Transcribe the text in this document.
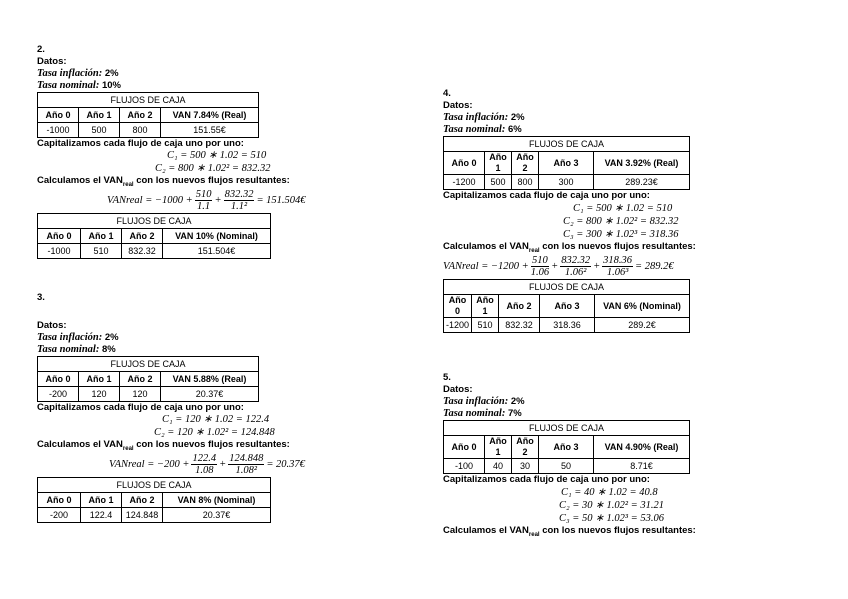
2.
Datos:
Tasa inflación: 2%
Tasa nominal: 10%
FLUJOS DE CAJA			
Año 0	Año 1	Año 2	VAN 7.84% (Real)
-1000	500	800	151.55€
Capitalizamos cada flujo de caja uno por uno:
C₁ = 500 ∗ 1.02 = 510
C₂ = 800 ∗ 1.02² = 832.32
Calculamos el $VAN_{real}$ con los nuevos flujos resultantes:
VANreal = $-1000 + \frac{510}{1.1} + \frac{832.32}{\text{1.1²}}$ = 151.504€
FLUJOS DE CAJA			
Año 0	Año 1	Año 2	VAN 10% (Nominal)
-1000	510	832.32	151.504€
3.
Datos:
Tasa inflación: 2%
Tasa nominal: 8%
FLUJOS DE CAJA			
Año 0	Año 1	Año 2	VAN 5.88% (Real)
-200	120	120	20.37€
Capitalizamos cada flujo de caja uno por uno:
C₁ = 120 ∗ 1.02 = 122.4
C₂ = 120 ∗ 1.02² = 124.848
Calculamos el $VAN_{real}$ con los nuevos flujos resultantes:
VANreal = $-200 + \frac{122.4}{1.08} + \frac{124.848}{\text{1.08²}}$ = 20.37€
FLUJOS DE CAJA			
Año 0	Año 1	Año 2	VAN 8% (Nominal)
-200	122.4	124.848	20.37€
4.
Datos:
Tasa inflación: 2%
Tasa nominal: 6%
FLUJOS DE CAJA				
Año 0	Año 1	Año 2	Año 3	VAN 3.92% (Real)
-1200	500	800	300	289.23€
Capitalizamos cada flujo de caja uno por uno:
C₁ = 500 ∗ 1.02 = 510
C₂ = 800 ∗ 1.02² = 832.32
C₃ = 300 ∗ 1.02³ = 318.36
Calculamos el $VAN_{real}$ con los nuevos flujos resultantes:
VANreal = $-1200 + \frac{510}{1.06} + \frac{832.32}{\text{1.06²}} + \frac{318.36}{\text{1.06³}}$ = 289.2€
FLUJOS DE CAJA				
Año 0	Año 1	Año 2	Año 3	VAN 6% (Nominal)
-1200	510	832.32	318.36	289.2€
5.
Datos:
Tasa inflación: 2%
Tasa nominal: 7%
FLUJOS DE CAJA				
Año 0	Año 1	Año 2	Año 3	VAN 4.90% (Real)
-100	40	30	50	8.71€
Capitalizamos cada flujo de caja uno por uno:
C₁ = 40 ∗ 1.02 = 40.8
C₂ = 30 ∗ 1.02² = 31.21
C₃ = 50 ∗ 1.02³ = 53.06
Calculamos el $VAN_{real}$ con los nuevos flujos resultantes:
